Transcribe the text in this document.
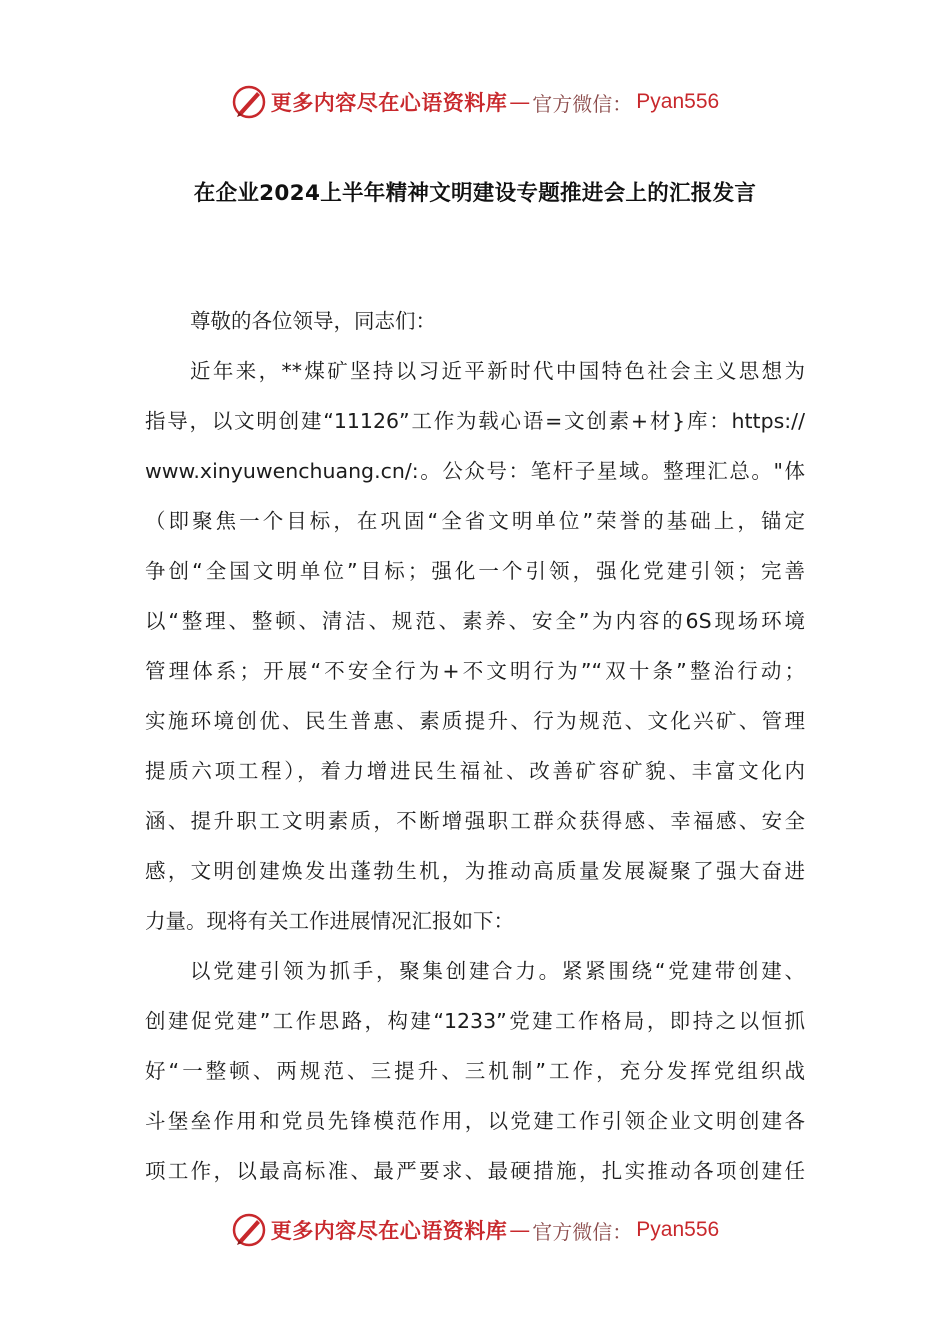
更多内容尽在心语资料库 — 官方微信： Pyan556
在企业2024上半年精神文明建设专题推进会上的汇报发言
尊敬的各位领导，同志们：
近年来，**煤矿坚持以习近平新时代中国特色社会主义思想为
指导，以文明创建“11126”工作为载心语=文创素+材}库：https://
www.xinyuwenchuang.cn/:。公众号：笔杆子星域。整理汇总。"体
（即聚焦一个目标，在巩固“全省文明单位”荣誉的基础上，锚定
争创“全国文明单位”目标；强化一个引领，强化党建引领；完善
以“整理、整顿、清洁、规范、素养、安全”为内容的6S现场环境
管理体系；开展“不安全行为+不文明行为”“双十条”整治行动；
实施环境创优、民生普惠、素质提升、行为规范、文化兴矿、管理
提质六项工程），着力增进民生福祉、改善矿容矿貌、丰富文化内
涵、提升职工文明素质，不断增强职工群众获得感、幸福感、安全
感，文明创建焕发出蓬勃生机，为推动高质量发展凝聚了强大奋进
力量。现将有关工作进展情况汇报如下：
以党建引领为抓手，聚集创建合力。紧紧围绕“党建带创建、
创建促党建”工作思路，构建“1233”党建工作格局，即持之以恒抓
好“一整顿、两规范、三提升、三机制”工作，充分发挥党组织战
斗堡垒作用和党员先锋模范作用，以党建工作引领企业文明创建各
项工作，以最高标准、最严要求、最硬措施，扎实推动各项创建任
更多内容尽在心语资料库 — 官方微信： Pyan556
